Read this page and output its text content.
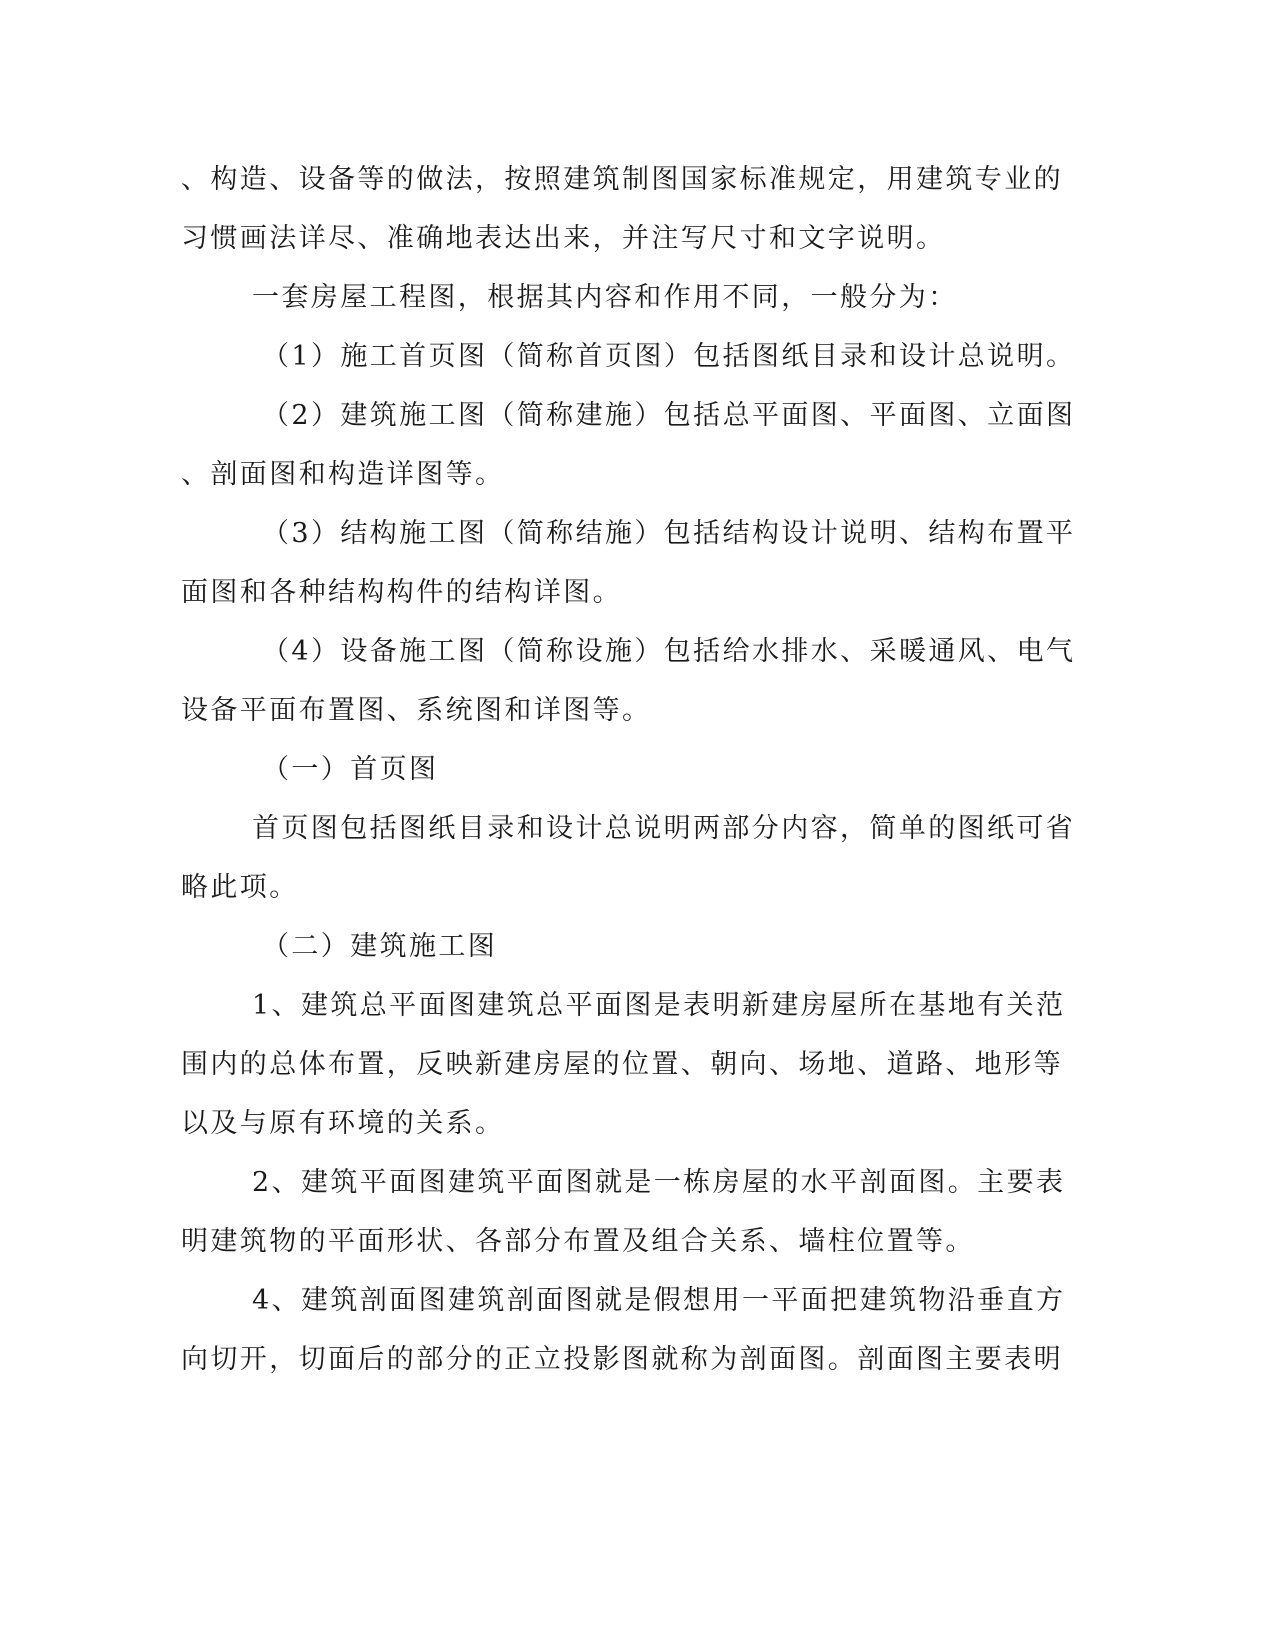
、构造、设备等的做法，按照建筑制图国家标准规定，用建筑专业的
习惯画法详尽、准确地表达出来，并注写尺寸和文字说明。
一套房屋工程图，根据其内容和作用不同，一般分为：
（1）施工首页图（简称首页图）包括图纸目录和设计总说明。
（2）建筑施工图（简称建施）包括总平面图、平面图、立面图
、剖面图和构造详图等。
（3）结构施工图（简称结施）包括结构设计说明、结构布置平
面图和各种结构构件的结构详图。
（4）设备施工图（简称设施）包括给水排水、采暖通风、电气
设备平面布置图、系统图和详图等。
（一）首页图
首页图包括图纸目录和设计总说明两部分内容，简单的图纸可省
略此项。
（二）建筑施工图
1、建筑总平面图建筑总平面图是表明新建房屋所在基地有关范
围内的总体布置，反映新建房屋的位置、朝向、场地、道路、地形等
以及与原有环境的关系。
2、建筑平面图建筑平面图就是一栋房屋的水平剖面图。主要表
明建筑物的平面形状、各部分布置及组合关系、墙柱位置等。
4、建筑剖面图建筑剖面图就是假想用一平面把建筑物沿垂直方
向切开，切面后的部分的正立投影图就称为剖面图。剖面图主要表明
